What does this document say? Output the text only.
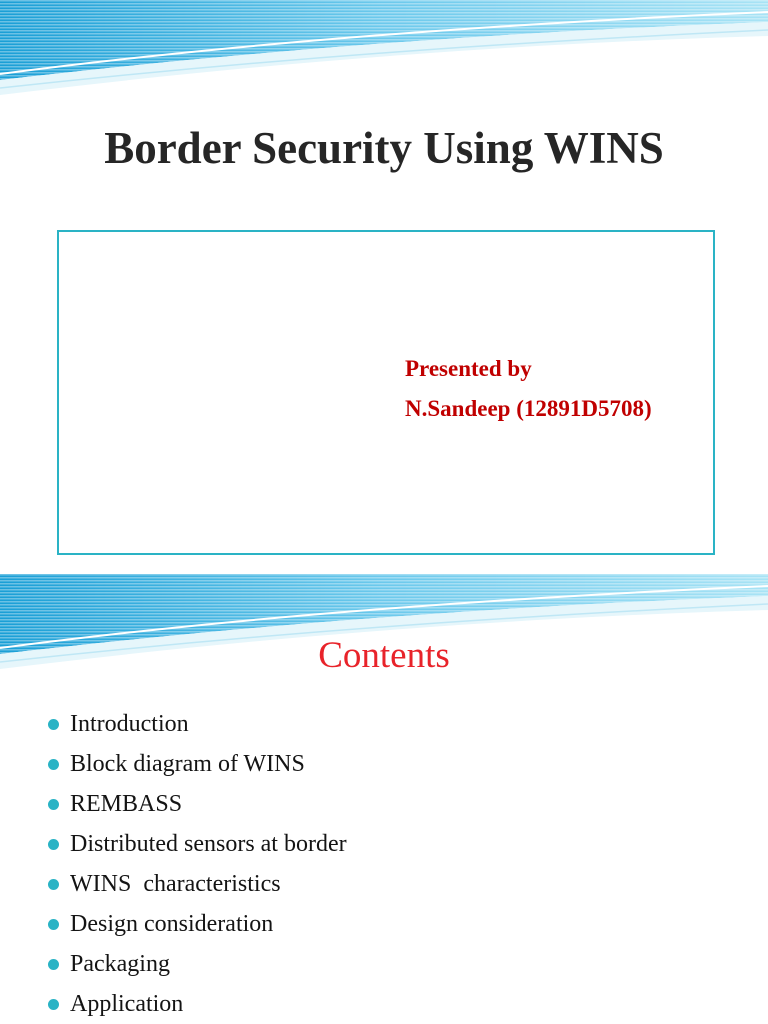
Border Security Using WINS
Presented by
N.Sandeep (12891D5708)
Contents
Introduction
Block diagram of WINS
REMBASS
Distributed sensors at border
WINS  characteristics
Design consideration
Packaging
Application
